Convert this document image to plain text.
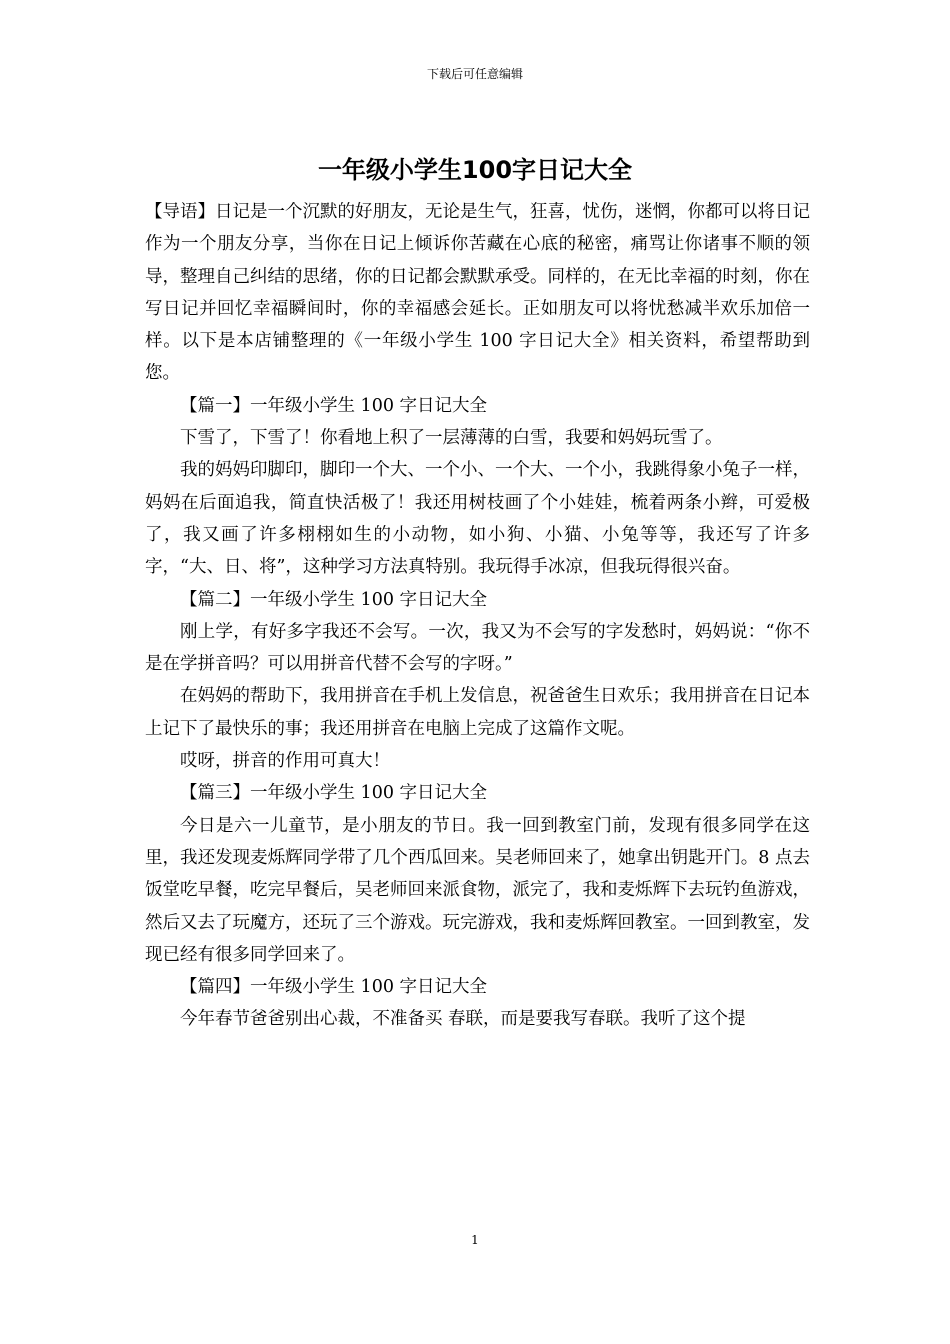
下载后可任意编辑
一年级小学生100字日记大全

【导语】日记是一个沉默的好朋友，无论是生气，狂喜，忧伤，迷惘，你都可以将日记作为一个朋友分享，当你在日记上倾诉你苦藏在心底的秘密，痛骂让你诸事不顺的领导，整理自己纠结的思绪，你的日记都会默默承受。同样的，在无比幸福的时刻，你在写日记并回忆幸福瞬间时，你的幸福感会延长。正如朋友可以将忧愁减半欢乐加倍一样。以下是本店铺整理的《一年级小学生 100 字日记大全》相关资料，希望帮助到您。

【篇一】一年级小学生 100 字日记大全

下雪了，下雪了！你看地上积了一层薄薄的白雪，我要和妈妈玩雪了。

我的妈妈印脚印，脚印一个大、一个小、一个大、一个小，我跳得象小兔子一样，妈妈在后面追我，简直快活极了！我还用树枝画了个小娃娃，梳着两条小辫，可爱极了，我又画了许多栩栩如生的小动物，如小狗、小猫、小兔等等，我还写了许多字，“大、日、将”，这种学习方法真特别。我玩得手冰凉，但我玩得很兴奋。

【篇二】一年级小学生 100 字日记大全

刚上学，有好多字我还不会写。一次，我又为不会写的字发愁时，妈妈说：“你不是在学拼音吗？可以用拼音代替不会写的字呀。”

在妈妈的帮助下，我用拼音在手机上发信息，祝爸爸生日欢乐；我用拼音在日记本上记下了最快乐的事；我还用拼音在电脑上完成了这篇作文呢。

哎呀，拼音的作用可真大！

【篇三】一年级小学生 100 字日记大全

今日是六一儿童节，是小朋友的节日。我一回到教室门前，发现有很多同学在这里，我还发现麦烁辉同学带了几个西瓜回来。吴老师回来了，她拿出钥匙开门。8 点去饭堂吃早餐，吃完早餐后，吴老师回来派食物，派完了，我和麦烁辉下去玩钓鱼游戏，然后又去了玩魔方，还玩了三个游戏。玩完游戏，我和麦烁辉回教室。一回到教室，发现已经有很多同学回来了。

【篇四】一年级小学生 100 字日记大全

今年春节爸爸别出心裁，不准备买 春联，而是要我写春联。我听了这个提

1
